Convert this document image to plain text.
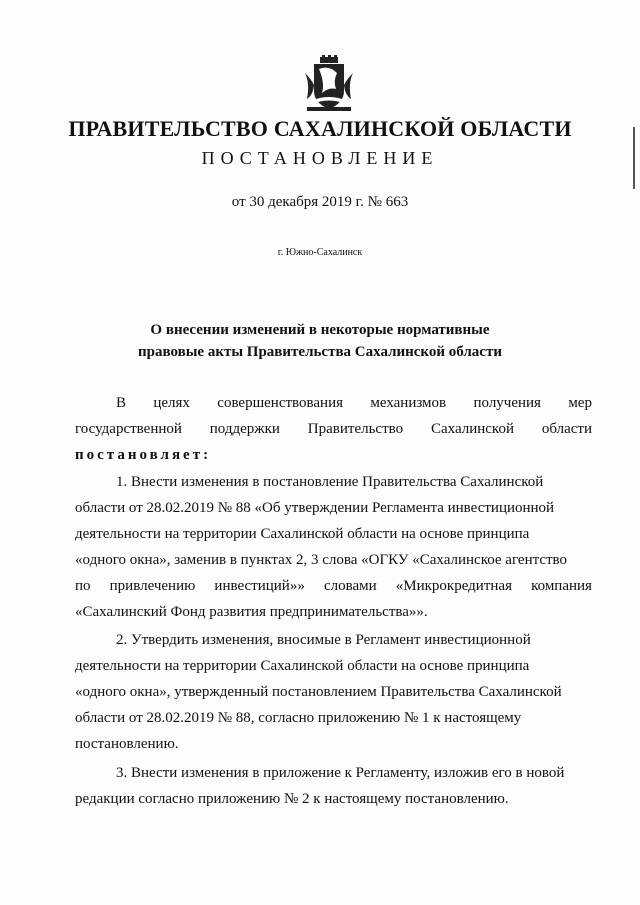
ПРАВИТЕЛЬСТВО САХАЛИНСКОЙ ОБЛАСТИ
ПОСТАНОВЛЕНИЕ
от 30 декабря 2019 г. № 663
г. Южно-Сахалинск
О внесении изменений в некоторые нормативные
правовые акты Правительства Сахалинской области
В целях совершенствования механизмов получения мер
государственной поддержки Правительство Сахалинской области
постановляет:
1. Внести изменения в постановление Правительства Сахалинской
области от 28.02.2019 № 88 «Об утверждении Регламента инвестиционной
деятельности на территории Сахалинской области на основе принципа
«одного окна», заменив в пунктах 2, 3 слова «ОГКУ «Сахалинское агентство
по привлечению инвестиций»» словами «Микрокредитная компания
«Сахалинский Фонд развития предпринимательства»».
2. Утвердить изменения, вносимые в Регламент инвестиционной
деятельности на территории Сахалинской области на основе принципа
«одного окна», утвержденный постановлением Правительства Сахалинской
области от 28.02.2019 № 88, согласно приложению № 1 к настоящему
постановлению.
3. Внести изменения в приложение к Регламенту, изложив его в новой
редакции согласно приложению № 2 к настоящему постановлению.
